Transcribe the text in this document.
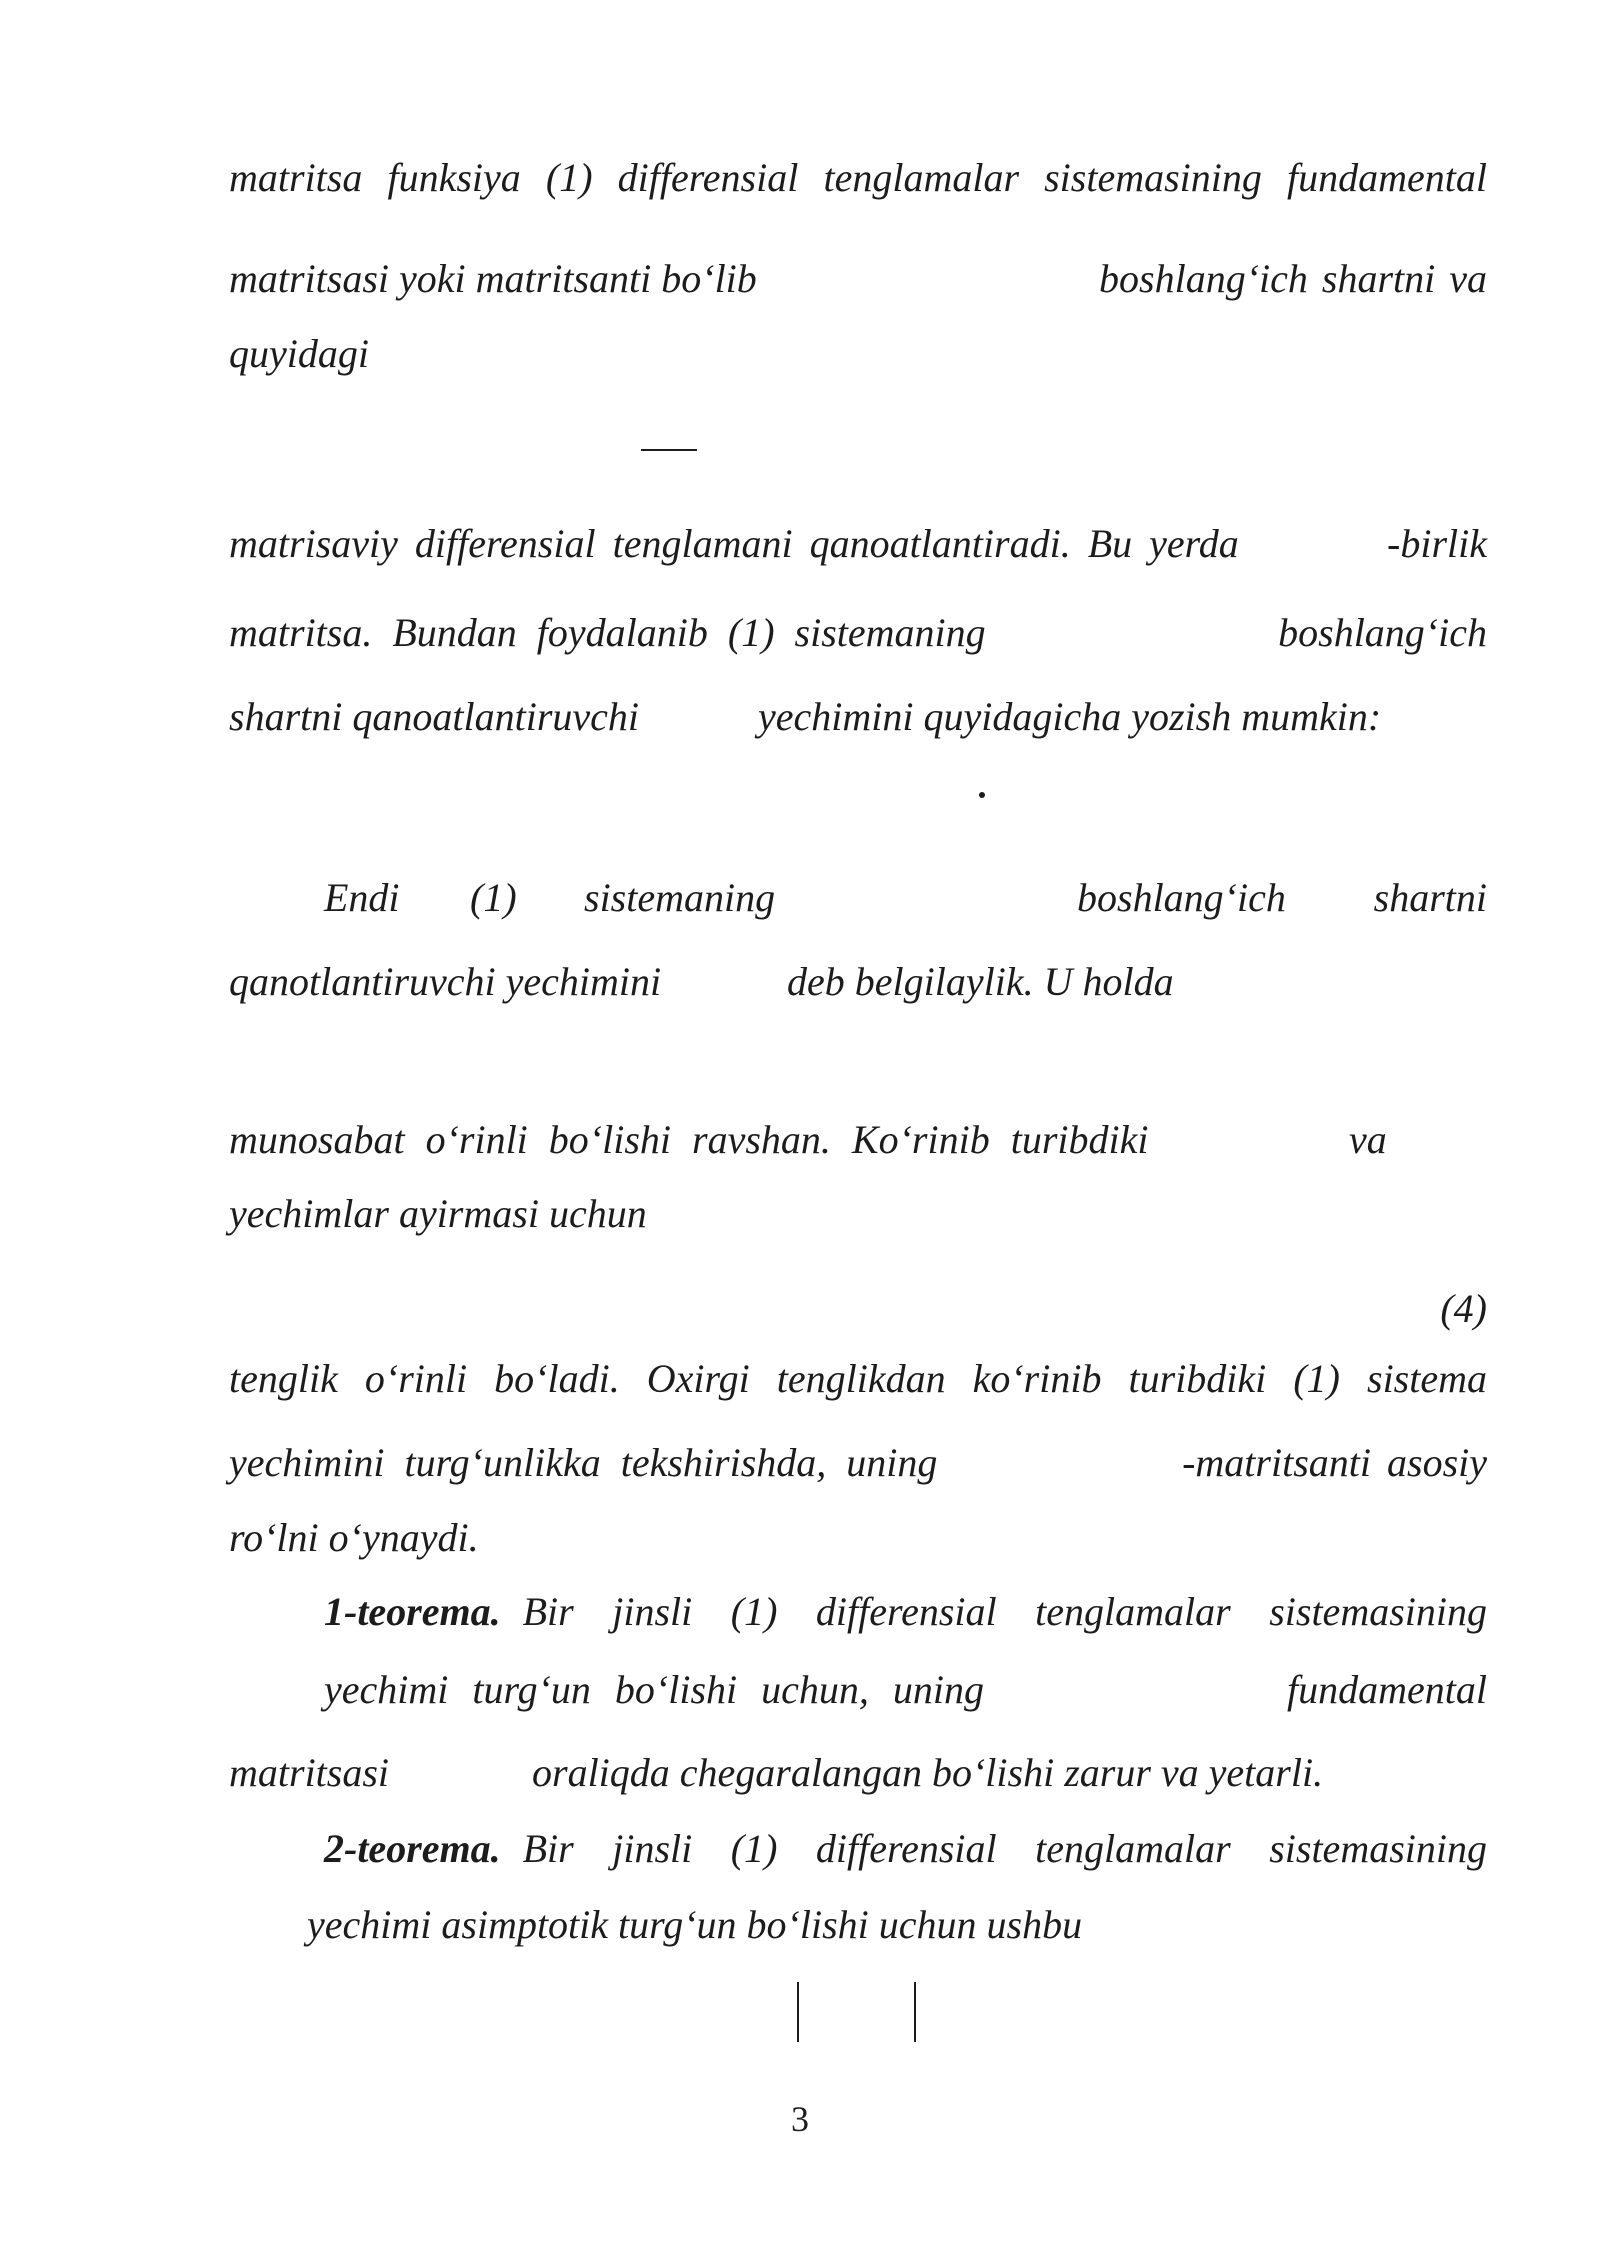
matritsa funksiya (1) differensial tenglamalar sistemasining fundamental
matritsasi yoki matritsanti bo‘lib	boshlang‘ich shartni va
quyidagi
matrisaviy differensial tenglamani qanoatlantiradi. Bu yerda	-birlik
matritsa. Bundan foydalanib (1) sistemaning	boshlang‘ich
shartni qanoatlantiruvchi	yechimini quyidagicha yozish mumkin:
Endi (1) sistemaning	boshlang‘ich shartni
qanotlantiruvchi yechimini	deb belgilaylik. U holda
munosabat o‘rinli bo‘lishi ravshan. Ko‘rinib turibdiki	va
yechimlar ayirmasi uchun
(4)
tenglik o‘rinli bo‘ladi. Oxirgi tenglikdan ko‘rinib turibdiki (1) sistema
yechimini turg‘unlikka tekshirishda, uning	-matritsanti asosiy
ro‘lni o‘ynaydi.
1-teorema. Bir jinsli (1) differensial tenglamalar sistemasining
yechimi turg‘un bo‘lishi uchun, uning	fundamental
matritsasi	oraliqda chegaralangan bo‘lishi zarur va yetarli.
2-teorema. Bir jinsli (1) differensial tenglamalar sistemasining
yechimi asimptotik turg‘un bo‘lishi uchun ushbu
3
